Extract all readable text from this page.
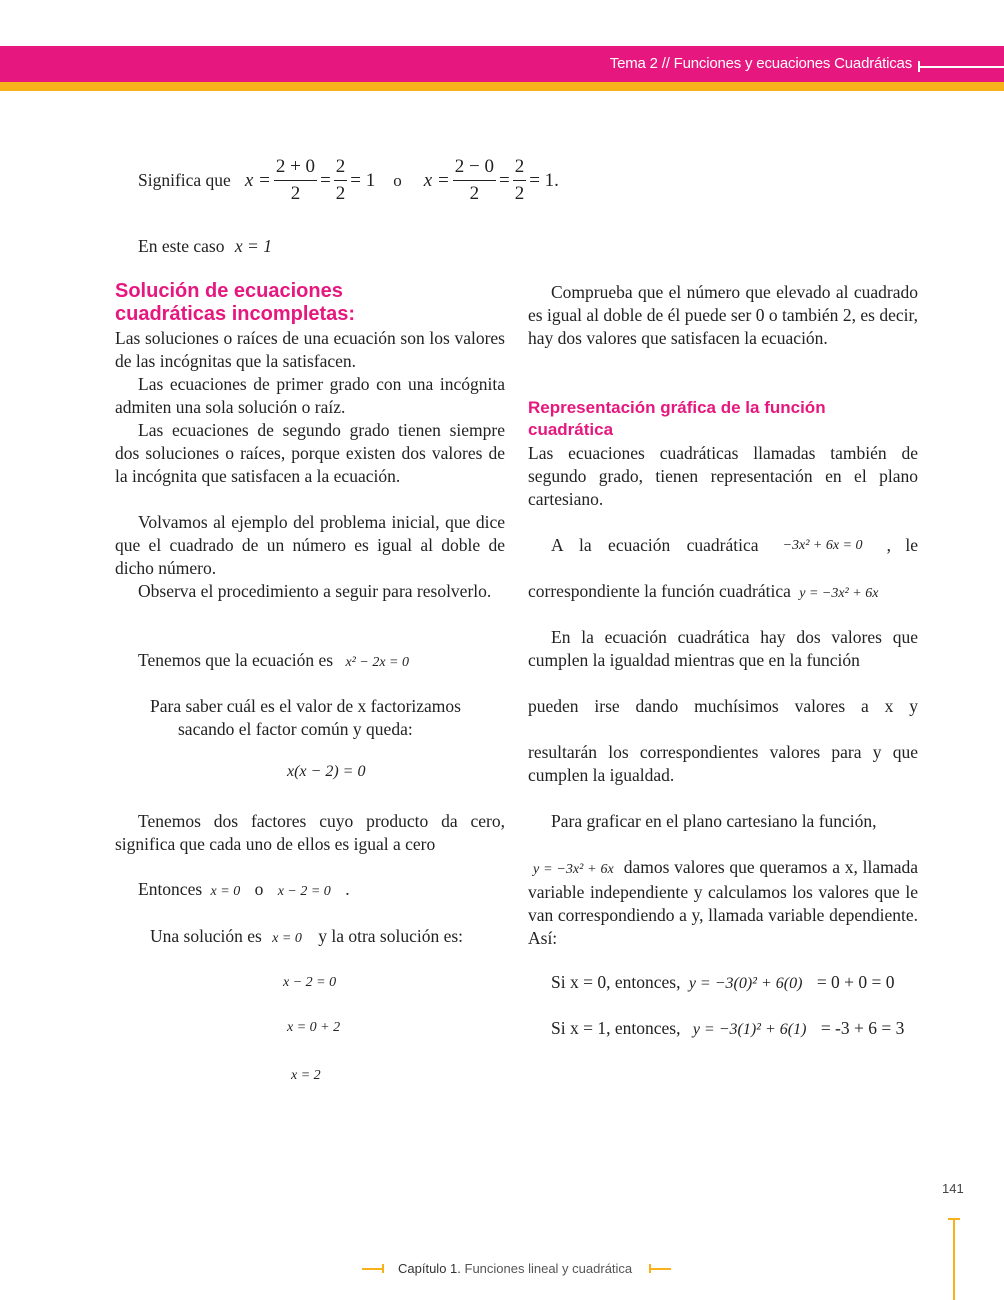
Tema 2 // Funciones y ecuaciones Cuadráticas
Significa que $x = \frac{2 + 0}{2} = \frac{2}{2} = 1$ o $x = \frac{2 - 0}{2} = \frac{2}{2} = 1$.
En este caso x = 1
Solución de ecuaciones cuadráticas incompletas:
Las soluciones o raíces de una ecuación son los valores de las incógnitas que la satisfacen.
Las ecuaciones de primer grado con una incógnita admiten una sola solución o raíz.
Las ecuaciones de segundo grado tienen siempre dos soluciones o raíces, porque existen dos valores de la incógnita que satisfacen a la ecuación.
Volvamos al ejemplo del problema inicial, que dice que el cuadrado de un número es igual al doble de dicho número.
Observa el procedimiento a seguir para resolverlo.
Tenemos que la ecuación es x² − 2x = 0
Para saber cuál es el valor de x factorizamos
sacando el factor común y queda:
x(x − 2) = 0
Tenemos dos factores cuyo producto da cero, significa que cada uno de ellos es igual a cero
Entonces x = 0 o x − 2 = 0 .
Una solución es x = 0 y la otra solución es:
x − 2 = 0
x = 0 + 2
x = 2
Comprueba que el número que elevado al cuadrado es igual al doble de él puede ser 0 o también 2, es decir, hay dos valores que satisfacen la ecuación.
Representación gráfica de la función cuadrática
Las ecuaciones cuadráticas llamadas también de segundo grado, tienen representación en el plano cartesiano.
A la ecuación cuadrática −3x² + 6x = 0 , le
correspondiente la función cuadrática y = −3x² + 6x
En la ecuación cuadrática hay dos valores que cumplen la igualdad mientras que en la función
pueden irse dando muchísimos valores a x y
resultarán los correspondientes valores para y que cumplen la igualdad.
Para graficar en el plano cartesiano la función,
y = −3x² + 6x damos valores que queramos a x, llamada variable independiente y calculamos los valores que le van correspondiendo a y, llamada variable dependiente. Así:
Si x = 0, entonces, y = −3(0)² + 6(0) = 0 + 0 = 0
Si x = 1, entonces, y = −3(1)² + 6(1) = -3 + 6 = 3
141
Capítulo 1. Funciones lineal y cuadrática
